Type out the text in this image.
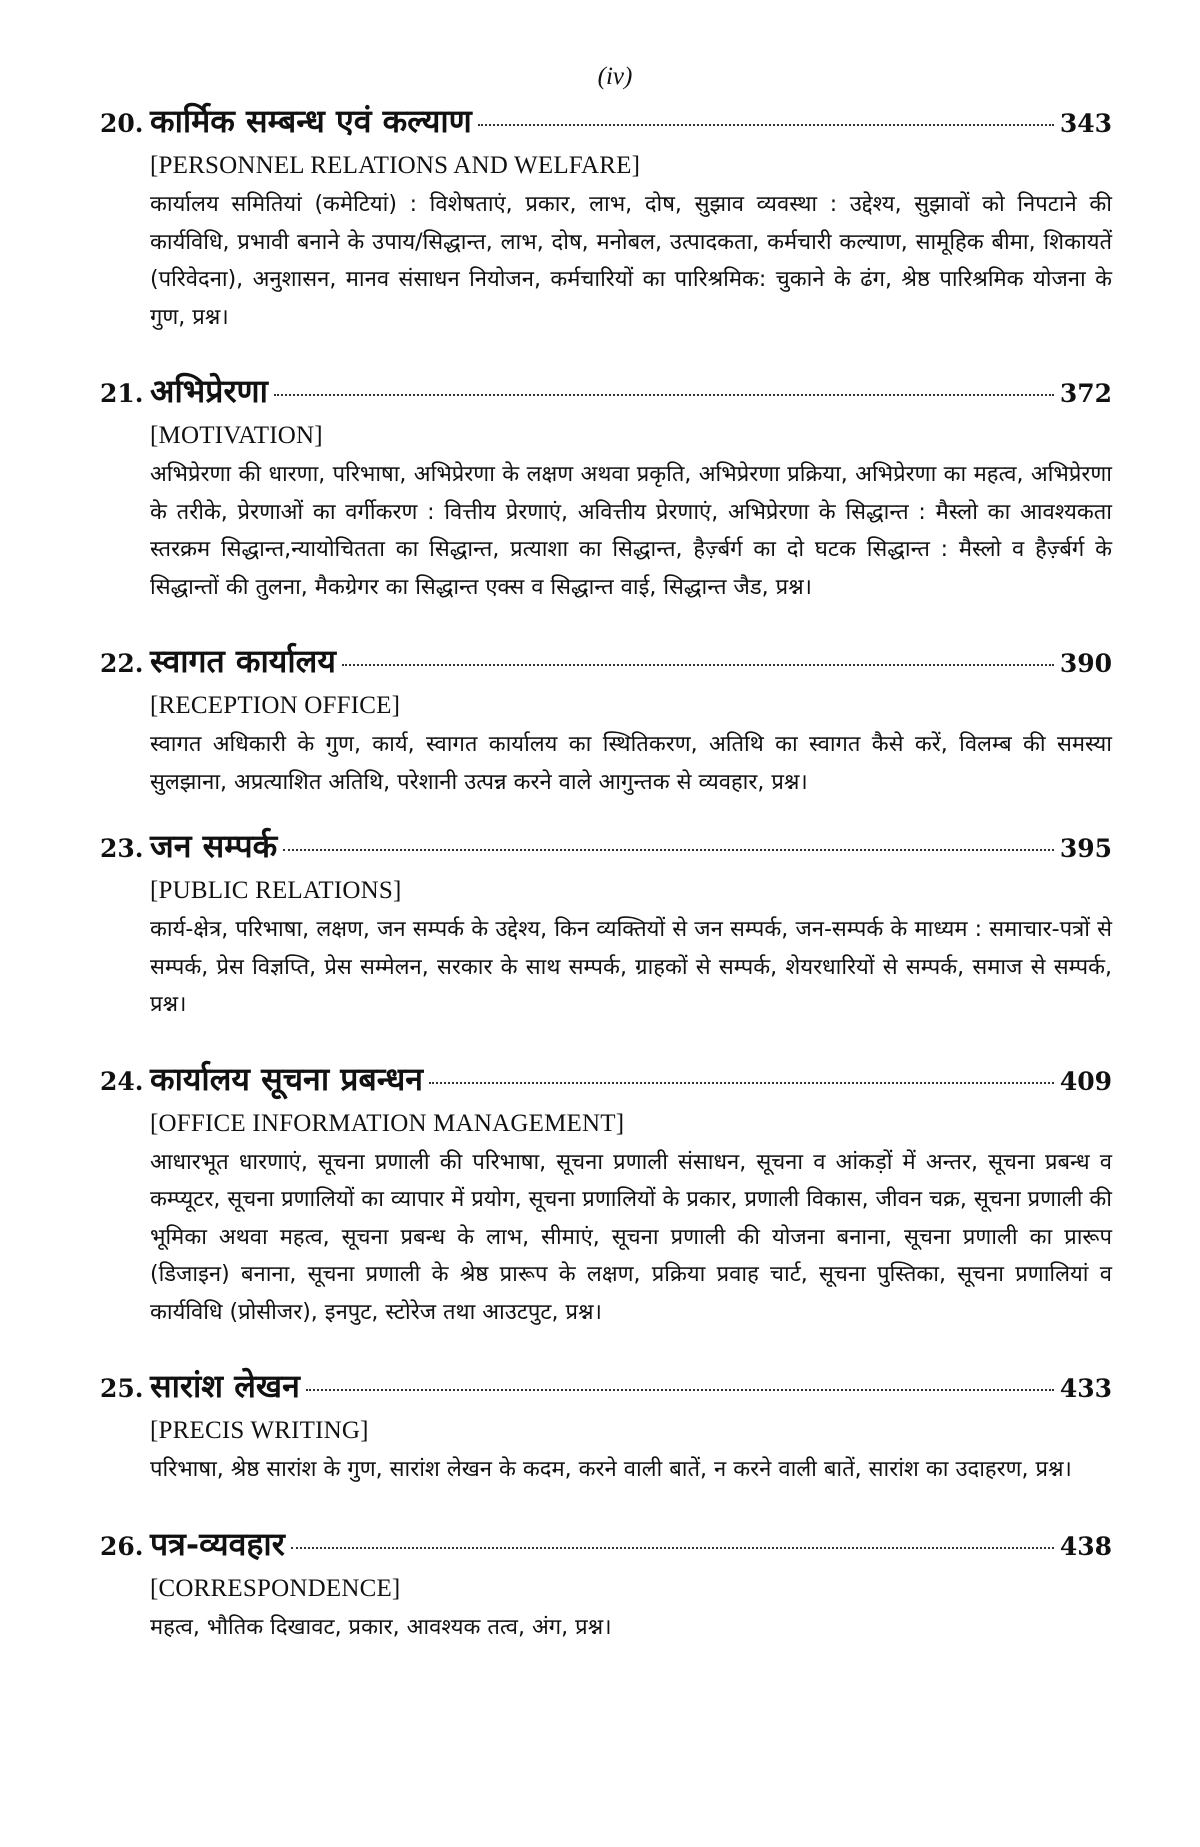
(iv)
20. कार्मिक सम्बन्ध एवं कल्याण	343
[PERSONNEL RELATIONS AND WELFARE]
कार्यालय समितियां (कमेटियां) : विशेषताएं, प्रकार, लाभ, दोष, सुझाव व्यवस्था : उद्देश्य, सुझावों को निपटाने की कार्यविधि, प्रभावी बनाने के उपाय/सिद्धान्त, लाभ, दोष, मनोबल, उत्पादकता, कर्मचारी कल्याण, सामूहिक बीमा, शिकायतें (परिवेदना), अनुशासन, मानव संसाधन नियोजन, कर्मचारियों का पारिश्रमिक: चुकाने के ढंग, श्रेष्ठ पारिश्रमिक योजना के गुण, प्रश्न।
21. अभिप्रेरणा	372
[MOTIVATION]
अभिप्रेरणा की धारणा, परिभाषा, अभिप्रेरणा के लक्षण अथवा प्रकृति, अभिप्रेरणा प्रक्रिया, अभिप्रेरणा का महत्व, अभिप्रेरणा के तरीके, प्रेरणाओं का वर्गीकरण : वित्तीय प्रेरणाएं, अवित्तीय प्रेरणाएं, अभिप्रेरणा के सिद्धान्त : मैस्लो का आवश्यकता स्तरक्रम सिद्धान्त,न्यायोचितता का सिद्धान्त, प्रत्याशा का सिद्धान्त, हैर्ज़्बर्ग का दो घटक सिद्धान्त : मैस्लो व हैर्ज़्बर्ग के सिद्धान्तों की तुलना, मैकग्रेगर का सिद्धान्त एक्स व सिद्धान्त वाई, सिद्धान्त जैड, प्रश्न।
22. स्वागत कार्यालय	390
[RECEPTION OFFICE]
स्वागत अधिकारी के गुण, कार्य, स्वागत कार्यालय का स्थितिकरण, अतिथि का स्वागत कैसे करें, विलम्ब की समस्या सुलझाना, अप्रत्याशित अतिथि, परेशानी उत्पन्न करने वाले आगुन्तक से व्यवहार, प्रश्न।
23. जन सम्पर्क	395
[PUBLIC RELATIONS]
कार्य-क्षेत्र, परिभाषा, लक्षण, जन सम्पर्क के उद्देश्य, किन व्यक्तियों से जन सम्पर्क, जन-सम्पर्क के माध्यम : समाचार-पत्रों से सम्पर्क, प्रेस विज्ञप्ति, प्रेस सम्मेलन, सरकार के साथ सम्पर्क, ग्राहकों से सम्पर्क, शेयरधारियों से सम्पर्क, समाज से सम्पर्क, प्रश्न।
24. कार्यालय सूचना प्रबन्धन	409
[OFFICE INFORMATION MANAGEMENT]
आधारभूत धारणाएं, सूचना प्रणाली की परिभाषा, सूचना प्रणाली संसाधन, सूचना व आंकड़ों में अन्तर, सूचना प्रबन्ध व कम्प्यूटर, सूचना प्रणालियों का व्यापार में प्रयोग, सूचना प्रणालियों के प्रकार, प्रणाली विकास, जीवन चक्र, सूचना प्रणाली की भूमिका अथवा महत्व, सूचना प्रबन्ध के लाभ, सीमाएं, सूचना प्रणाली की योजना बनाना, सूचना प्रणाली का प्रारूप (डिजाइन) बनाना, सूचना प्रणाली के श्रेष्ठ प्रारूप के लक्षण, प्रक्रिया प्रवाह चार्ट, सूचना पुस्तिका, सूचना प्रणालियां व कार्यविधि (प्रोसीजर), इनपुट, स्टोरेज तथा आउटपुट, प्रश्न।
25. सारांश लेखन	433
[PRECIS WRITING]
परिभाषा, श्रेष्ठ सारांश के गुण, सारांश लेखन के कदम, करने वाली बातें, न करने वाली बातें, सारांश का उदाहरण, प्रश्न।
26. पत्र-व्यवहार	438
[CORRESPONDENCE]
महत्व, भौतिक दिखावट, प्रकार, आवश्यक तत्व, अंग, प्रश्न।
